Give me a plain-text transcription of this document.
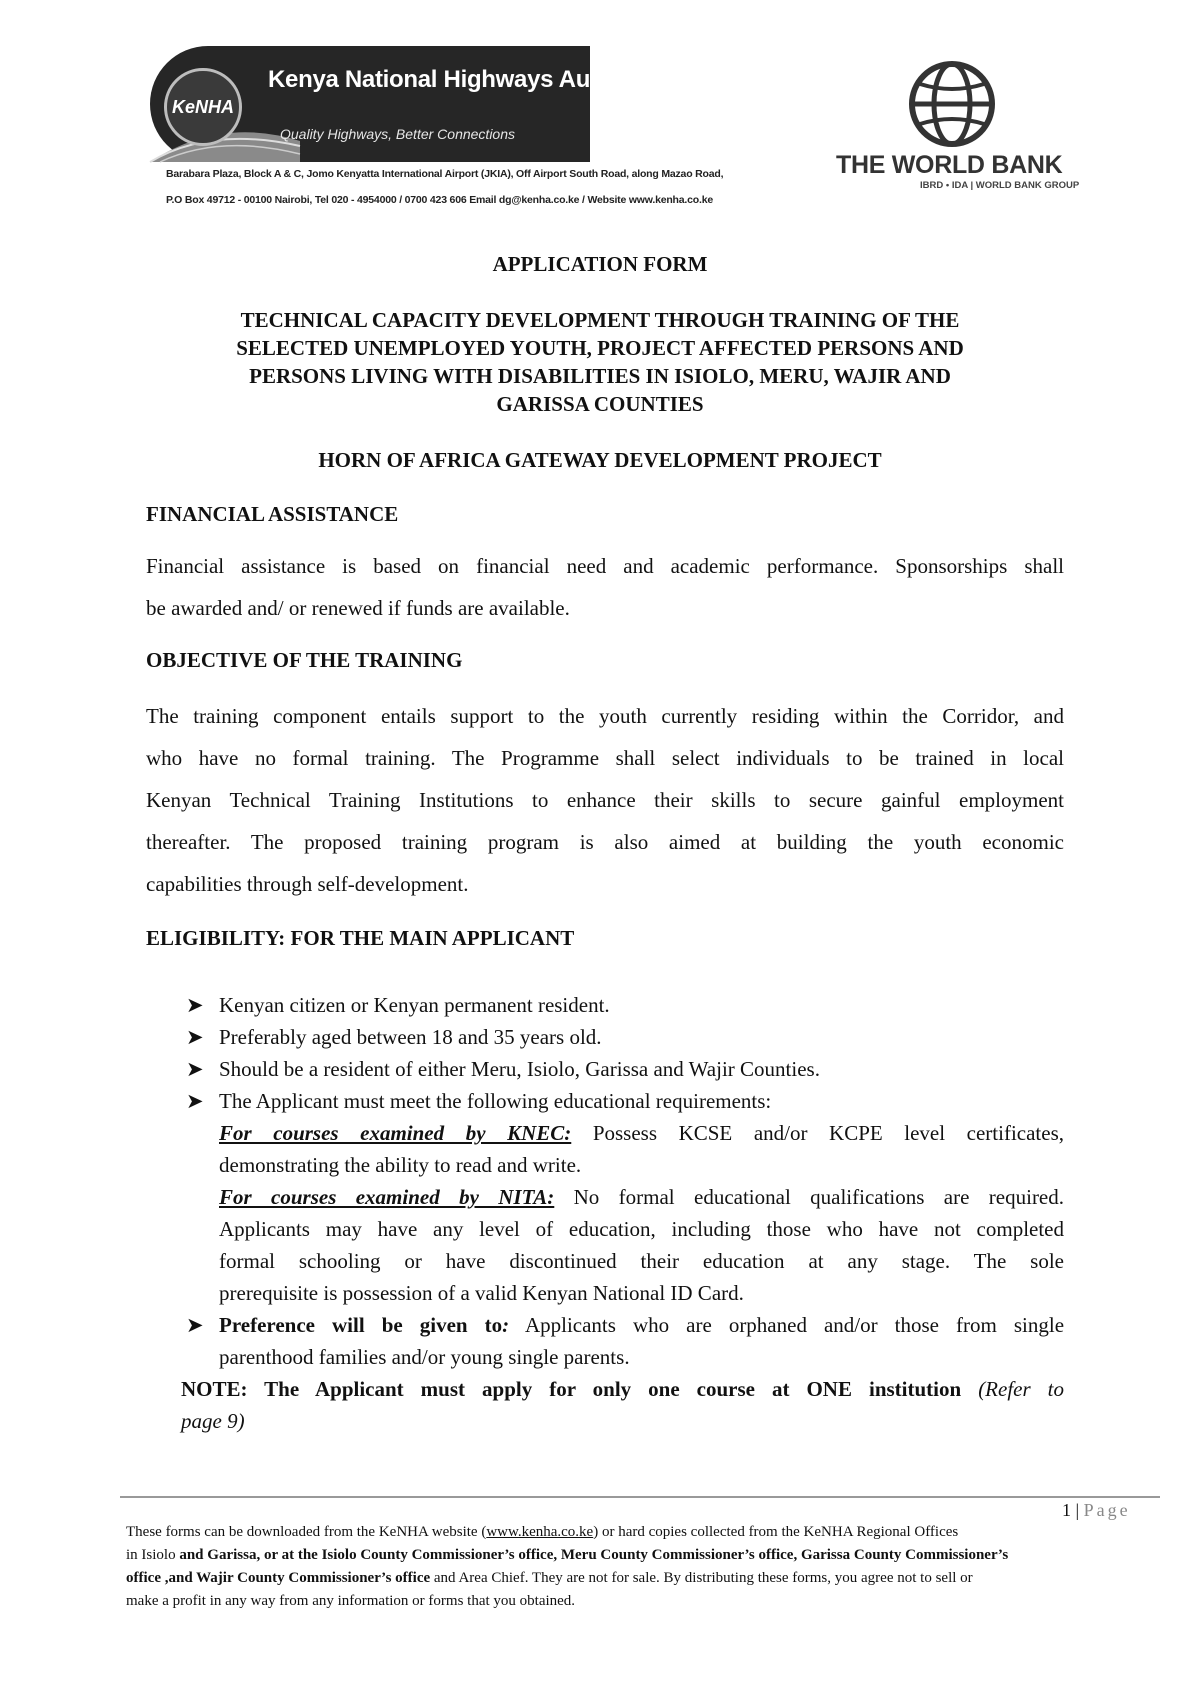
KeNHA
Kenya National Highways Authority
Quality Highways, Better Connections
Barabara Plaza, Block A & C, Jomo Kenyatta International Airport (JKIA), Off Airport South Road, along Mazao Road,
P.O Box 49712 - 00100 Nairobi, Tel 020 - 4954000 / 0700 423 606 Email dg@kenha.co.ke / Website www.kenha.co.ke
THE WORLD BANK
IBRD • IDA | WORLD BANK GROUP
APPLICATION FORM
TECHNICAL CAPACITY DEVELOPMENT THROUGH TRAINING OF THE
SELECTED UNEMPLOYED YOUTH, PROJECT AFFECTED PERSONS AND
PERSONS LIVING WITH DISABILITIES IN ISIOLO, MERU, WAJIR AND
GARISSA COUNTIES
HORN OF AFRICA GATEWAY DEVELOPMENT PROJECT
FINANCIAL ASSISTANCE
Financial assistance is based on financial need and academic performance. Sponsorships shall
be awarded and/ or renewed if funds are available.
OBJECTIVE OF THE TRAINING
The training component entails support to the youth currently residing within the Corridor, and
who have no formal training. The Programme shall select individuals to be trained in local
Kenyan Technical Training Institutions to enhance their skills to secure gainful employment
thereafter. The proposed training program is also aimed at building the youth economic
capabilities through self-development.
ELIGIBILITY: FOR THE MAIN APPLICANT
➤ Kenyan citizen or Kenyan permanent resident.
➤ Preferably aged between 18 and 35 years old.
➤ Should be a resident of either Meru, Isiolo, Garissa and Wajir Counties.
➤ The Applicant must meet the following educational requirements:
For courses examined by KNEC: Possess KCSE and/or KCPE level certificates,
demonstrating the ability to read and write.
For courses examined by NITA: No formal educational qualifications are required.
Applicants may have any level of education, including those who have not completed
formal schooling or have discontinued their education at any stage. The sole
prerequisite is possession of a valid Kenyan National ID Card.
➤ Preference will be given to: Applicants who are orphaned and/or those from single
parenthood families and/or young single parents.
NOTE: The Applicant must apply for only one course at ONE institution (Refer to
page 9)
1 | Page
These forms can be downloaded from the KeNHA website (www.kenha.co.ke) or hard copies collected from the KeNHA Regional Offices
in Isiolo and Garissa, or at the Isiolo County Commissioner’s office, Meru County Commissioner’s office, Garissa County Commissioner’s
office ,and Wajir County Commissioner’s office and Area Chief. They are not for sale. By distributing these forms, you agree not to sell or
make a profit in any way from any information or forms that you obtained.
